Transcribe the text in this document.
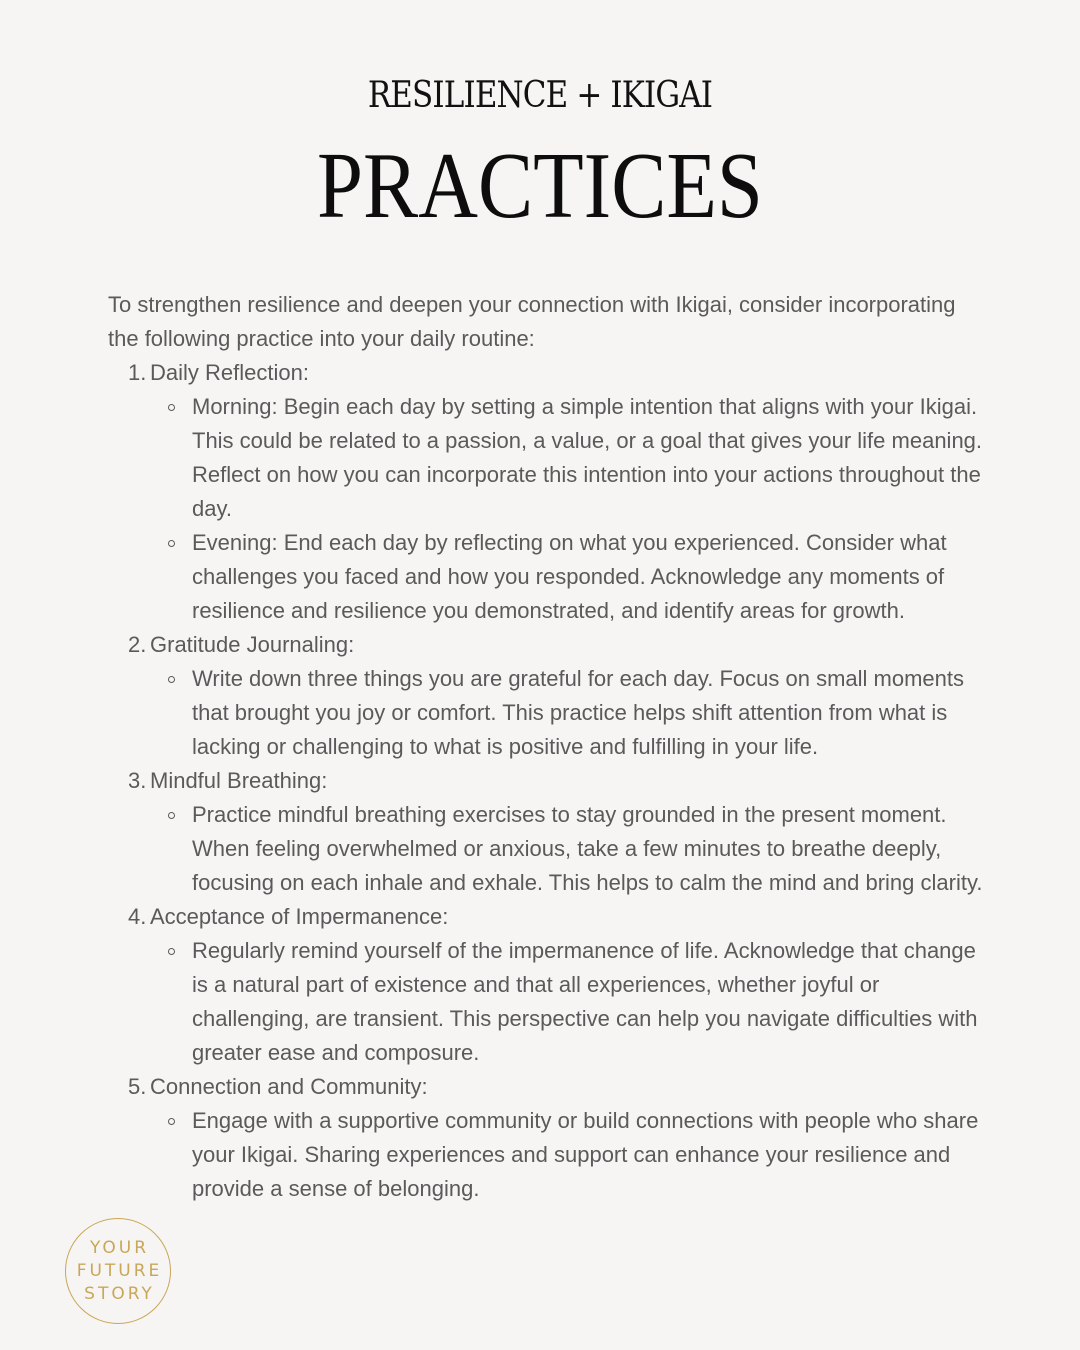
RESILIENCE + IKIGAI
PRACTICES

To strengthen resilience and deepen your connection with Ikigai, consider incorporating the following practice into your daily routine:

1. Daily Reflection:
Morning: Begin each day by setting a simple intention that aligns with your Ikigai. This could be related to a passion, a value, or a goal that gives your life meaning. Reflect on how you can incorporate this intention into your actions throughout the day.
Evening: End each day by reflecting on what you experienced. Consider what challenges you faced and how you responded. Acknowledge any moments of resilience and resilience you demonstrated, and identify areas for growth.
2. Gratitude Journaling:
Write down three things you are grateful for each day. Focus on small moments that brought you joy or comfort. This practice helps shift attention from what is lacking or challenging to what is positive and fulfilling in your life.
3. Mindful Breathing:
Practice mindful breathing exercises to stay grounded in the present moment. When feeling overwhelmed or anxious, take a few minutes to breathe deeply, focusing on each inhale and exhale. This helps to calm the mind and bring clarity.
4. Acceptance of Impermanence:
Regularly remind yourself of the impermanence of life. Acknowledge that change is a natural part of existence and that all experiences, whether joyful or challenging, are transient. This perspective can help you navigate difficulties with greater ease and composure.
5. Connection and Community:
Engage with a supportive community or build connections with people who share your Ikigai. Sharing experiences and support can enhance your resilience and provide a sense of belonging.
YOUR
FUTURE
STORY
